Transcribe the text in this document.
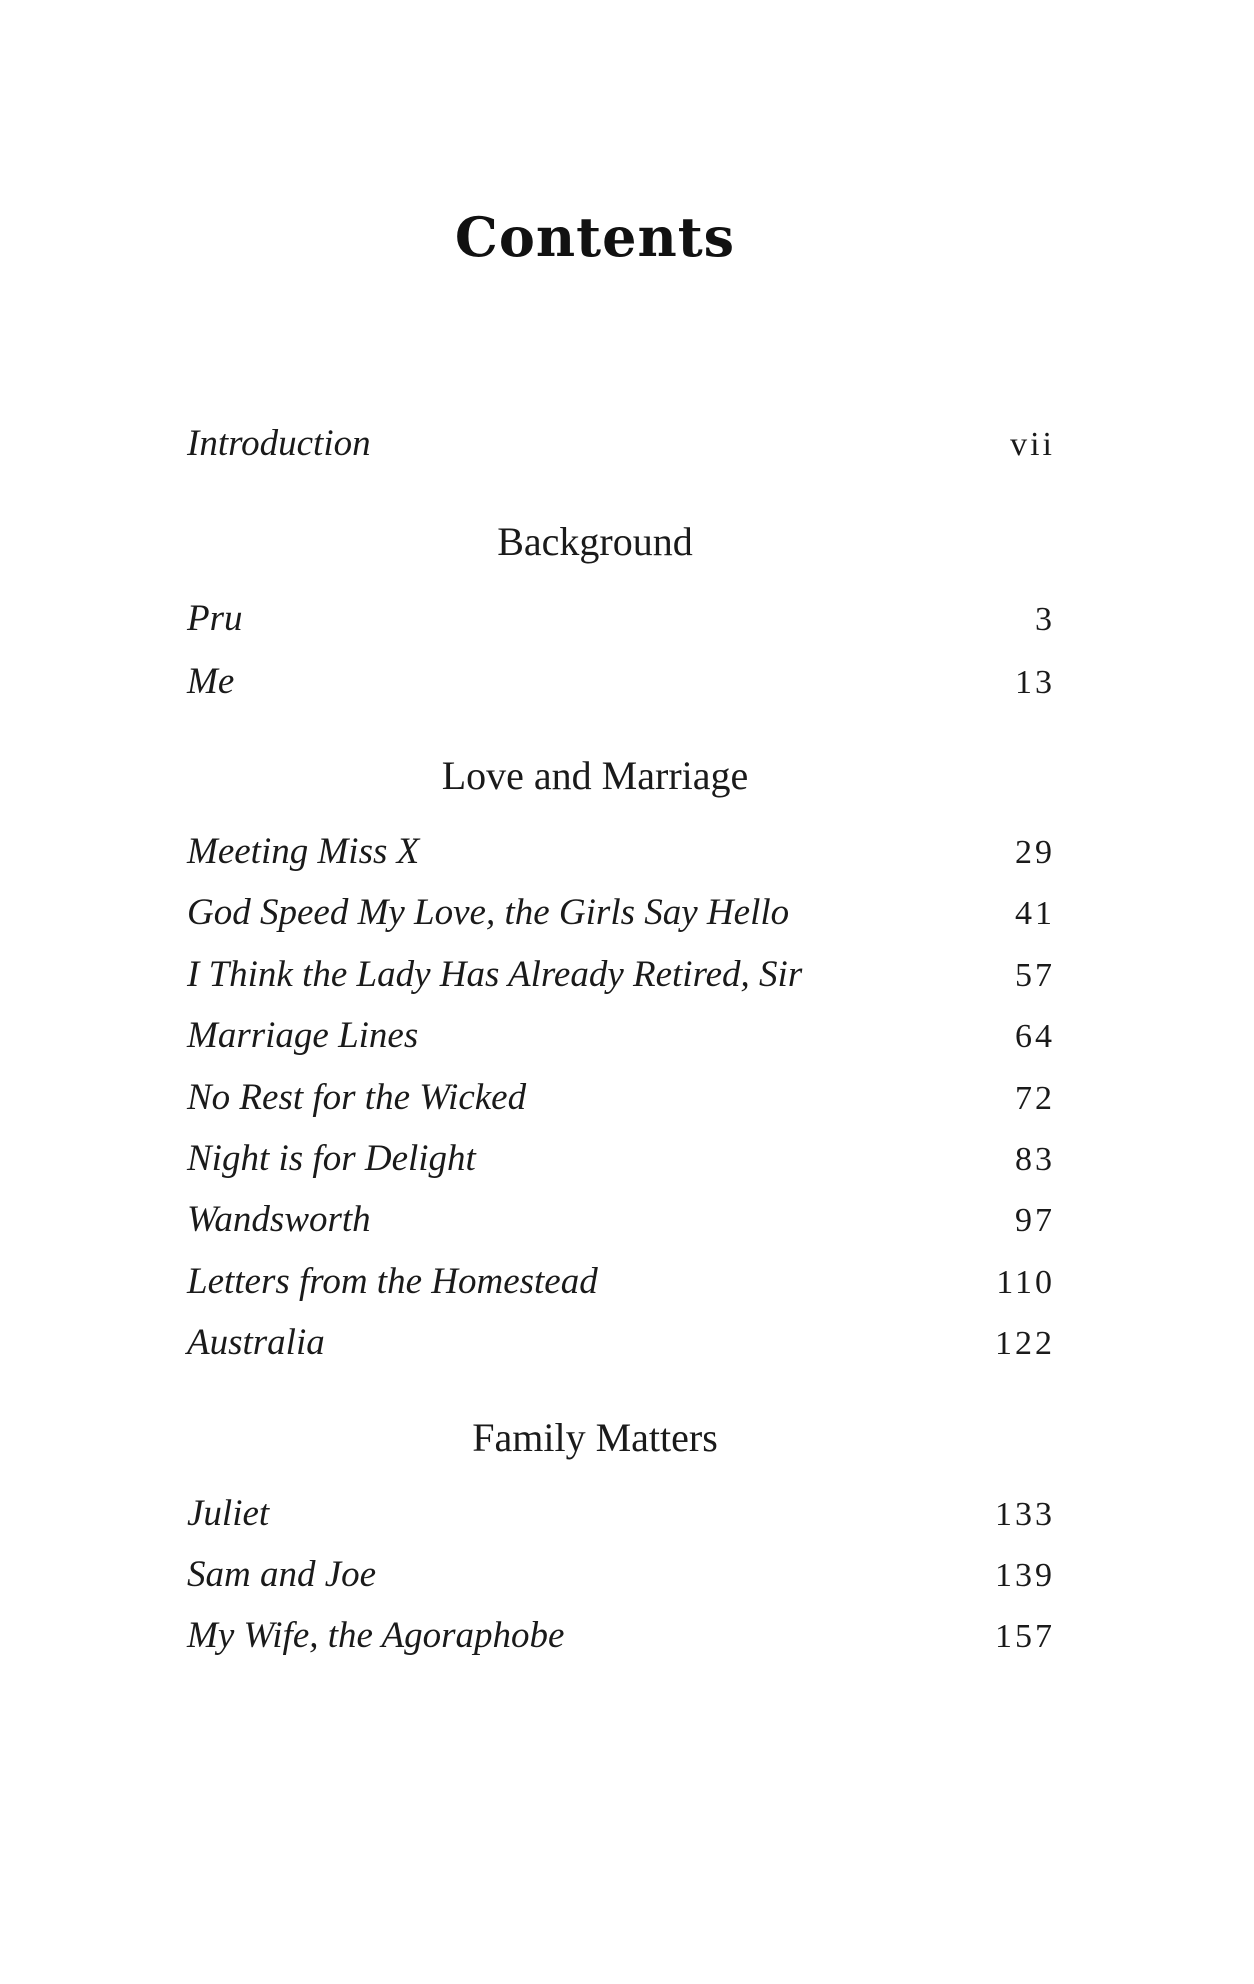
Contents
Introduction	vii
Background
Pru	3
Me	13
Love and Marriage
Meeting Miss X	29
God Speed My Love, the Girls Say Hello	41
I Think the Lady Has Already Retired, Sir	57
Marriage Lines	64
No Rest for the Wicked	72
Night is for Delight	83
Wandsworth	97
Letters from the Homestead	110
Australia	122
Family Matters
Juliet	133
Sam and Joe	139
My Wife, the Agoraphobe	157
